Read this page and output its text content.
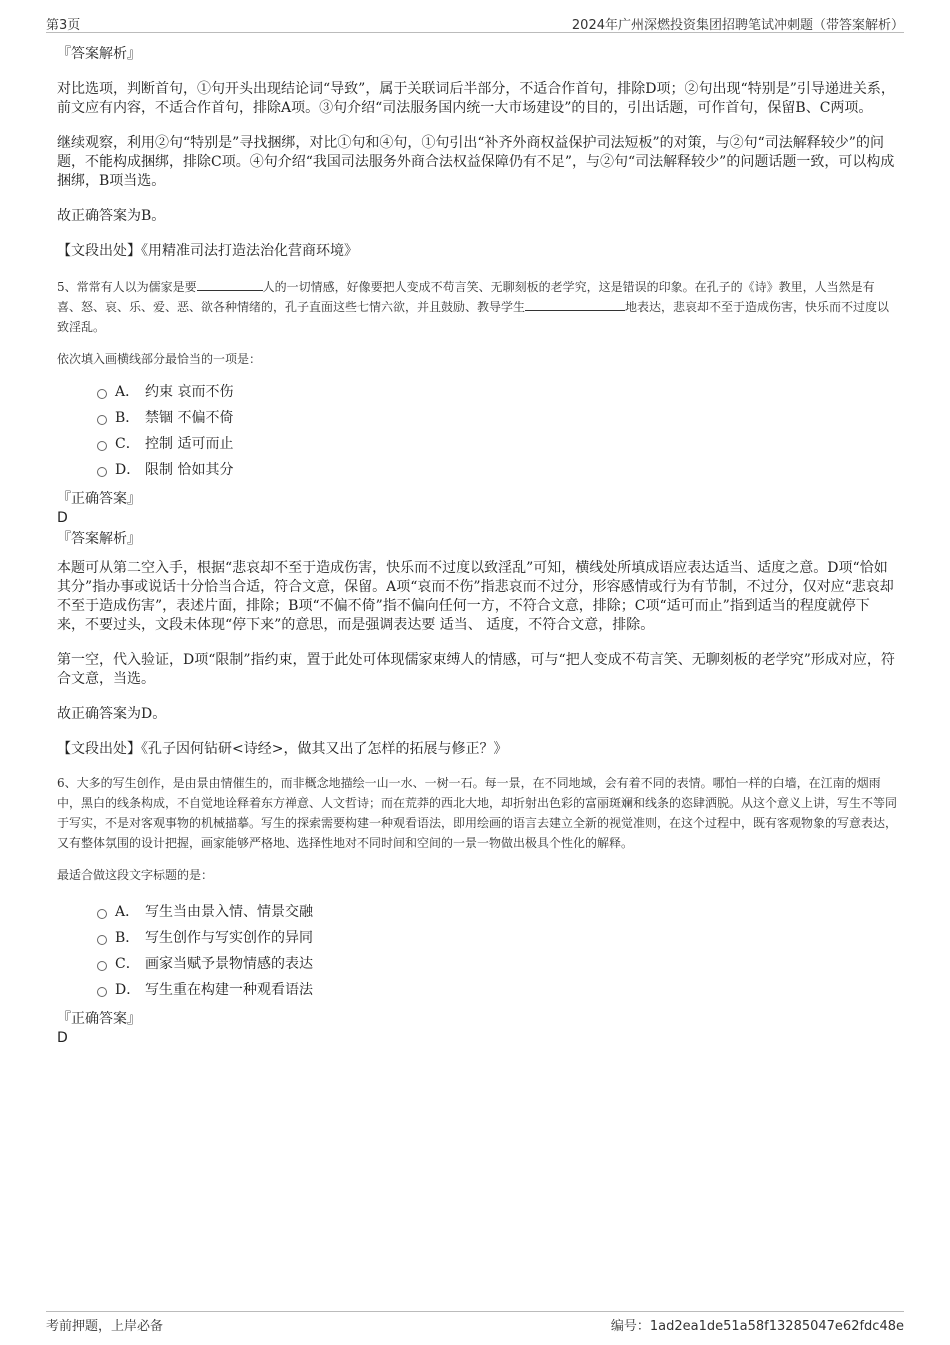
第3页	2024年广州深燃投资集团招聘笔试冲刺题（带答案解析）
『答案解析』

对比选项，判断首句，①句开头出现结论词“导致”，属于关联词后半部分，不适合作首句，排除D项；②句出现“特别是”引导递进关系，前文应有内容，不适合作首句，排除A项。③句介绍“司法服务国内统一大市场建设”的目的，引出话题，可作首句，保留B、C两项。

继续观察，利用②句“特别是”寻找捆绑，对比①句和④句，①句引出“补齐外商权益保护司法短板”的对策，与②句“司法解释较少”的问题，不能构成捆绑，排除C项。④句介绍“我国司法服务外商合法权益保障仍有不足”，与②句“司法解释较少”的问题话题一致，可以构成捆绑，B项当选。

故正确答案为B。

【文段出处】《用精准司法打造法治化营商环境》

5、常常有人以为儒家是要	人的一切情感，好像要把人变成不苟言笑、无聊刻板的老学究，这是错误的印象。在孔子的《诗》教里，人当然是有喜、怒、哀、乐、爱、恶、欲各种情绪的，孔子直面这些七情六欲，并且鼓励、教导学生	地表达，悲哀却不至于造成伤害，快乐而不过度以致淫乱。

依次填入画横线部分最恰当的一项是：

A． 约束 哀而不伤
B． 禁锢 不偏不倚
C． 控制 适可而止
D． 限制 恰如其分
『正确答案』
D
『答案解析』

本题可从第二空入手，根据“悲哀却不至于造成伤害，快乐而不过度以致淫乱”可知，横线处所填成语应表达适当、适度之意。D项“恰如其分”指办事或说话十分恰当合适，符合文意，保留。A项“哀而不伤”指悲哀而不过分，形容感情或行为有节制，不过分，仅对应“悲哀却不至于造成伤害”，表述片面，排除；B项“不偏不倚”指不偏向任何一方，不符合文意，排除；C项“适可而止”指到适当的程度就停下来，不要过头，文段未体现“停下来”的意思，而是强调表达要 适当、 适度，不符合文意，排除。

第一空，代入验证，D项“限制”指约束，置于此处可体现儒家束缚人的情感，可与“把人变成不苟言笑、无聊刻板的老学究”形成对应，符合文意，当选。

故正确答案为D。

【文段出处】《孔子因何钻研<诗经>，做其又出了怎样的拓展与修正？》

6、大多的写生创作，是由景由情催生的，而非概念地描绘一山一水、一树一石。每一景，在不同地域，会有着不同的表情。哪怕一样的白墙，在江南的烟雨中，黑白的线条构成，不自觉地诠释着东方禅意、人文哲诗；而在荒莽的西北大地，却折射出色彩的富丽斑斓和线条的恣肆洒脱。从这个意义上讲，写生不等同于写实，不是对客观事物的机械描摹。写生的探索需要构建一种观看语法，即用绘画的语言去建立全新的视觉准则，在这个过程中，既有客观物象的写意表达，又有整体氛围的设计把握，画家能够严格地、选择性地对不同时间和空间的一景一物做出极具个性化的解释。

最适合做这段文字标题的是：

A． 写生当由景入情、情景交融
B． 写生创作与写实创作的异同
C． 画家当赋予景物情感的表达
D． 写生重在构建一种观看语法
『正确答案』
D
考前押题，上岸必备	编号：1ad2ea1de51a58f13285047e62fdc48e
